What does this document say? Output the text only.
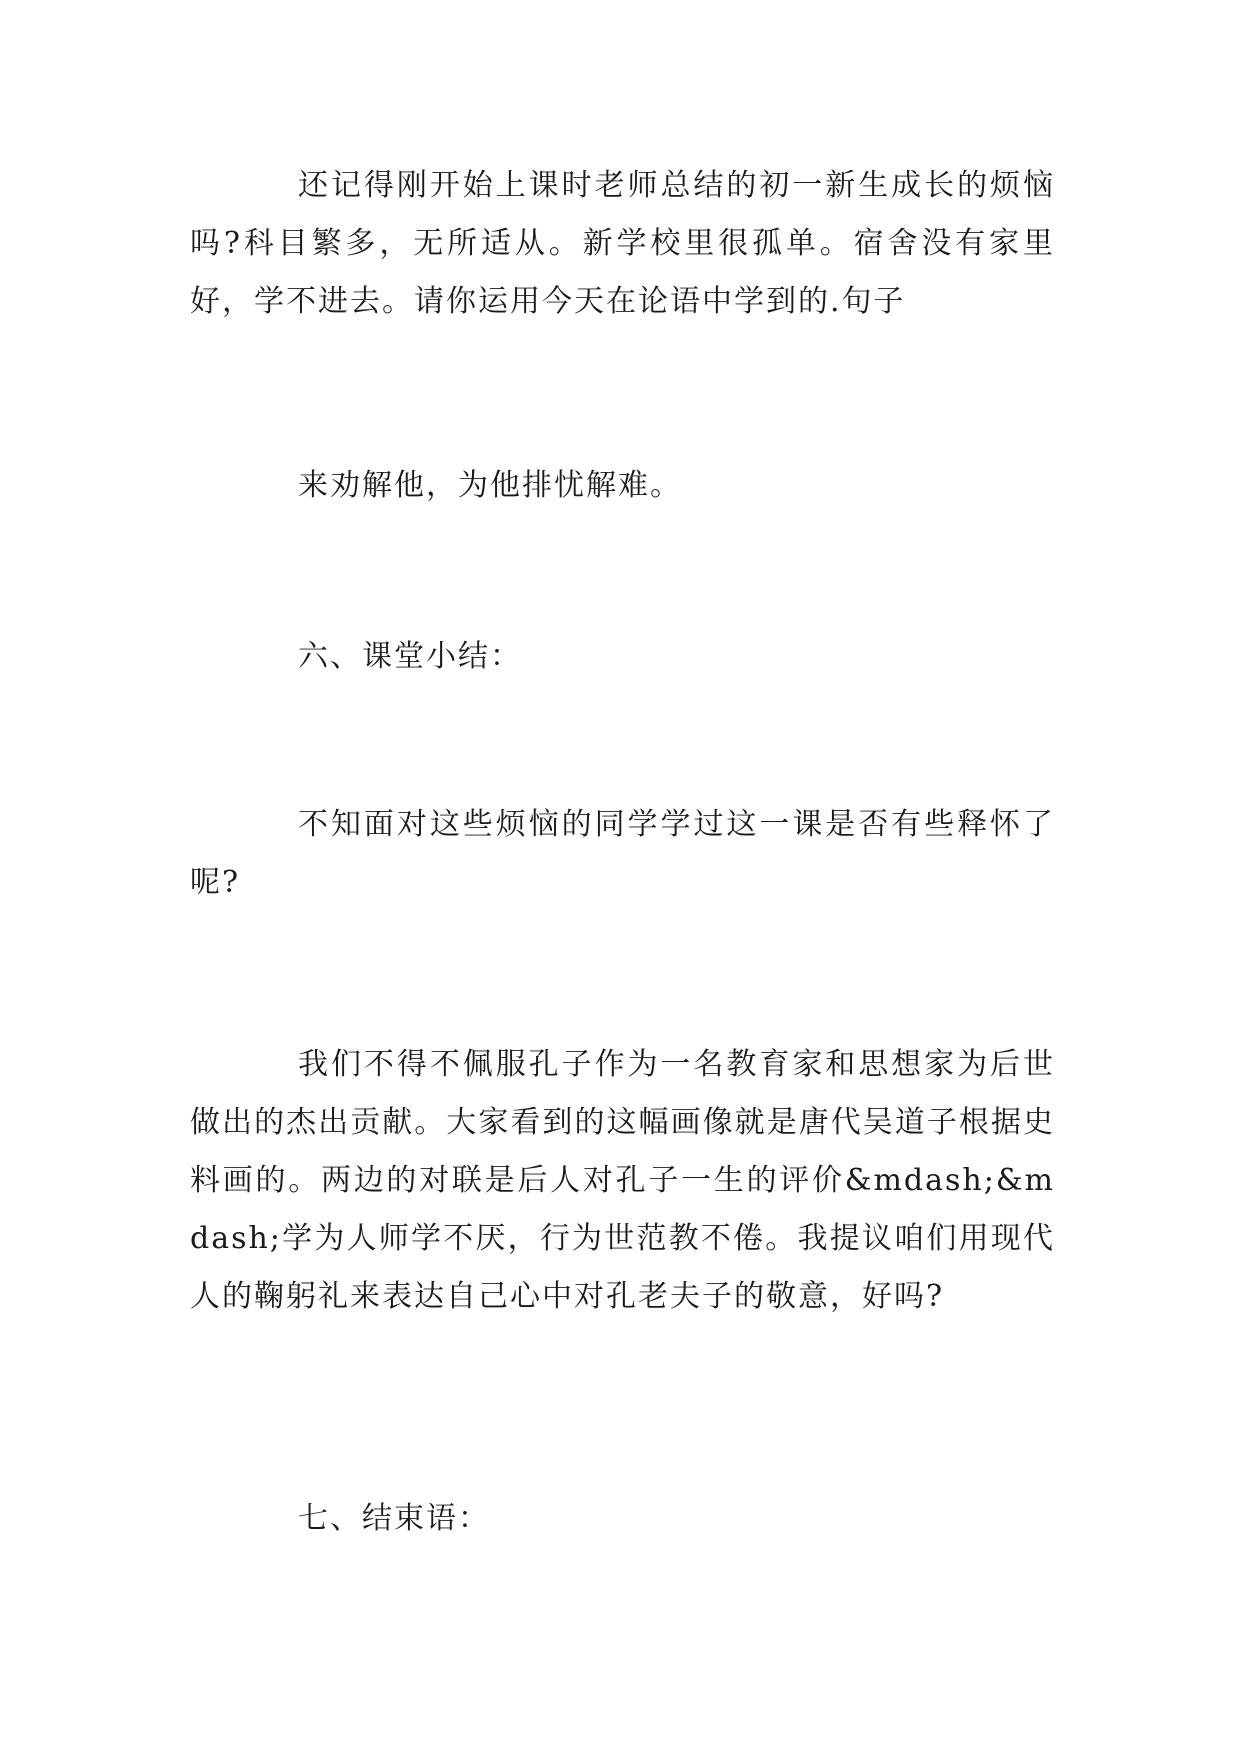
还记得刚开始上课时老师总结的初一新生成长的烦恼吗?科目繁多，无所适从。新学校里很孤单。宿舍没有家里好，学不进去。请你运用今天在论语中学到的.句子

来劝解他，为他排忧解难。

六、课堂小结：

不知面对这些烦恼的同学学过这一课是否有些释怀了呢?

我们不得不佩服孔子作为一名教育家和思想家为后世做出的杰出贡献。大家看到的这幅画像就是唐代吴道子根据史料画的。两边的对联是后人对孔子一生的评价&mdash;&mdash;学为人师学不厌，行为世范教不倦。我提议咱们用现代人的鞠躬礼来表达自己心中对孔老夫子的敬意，好吗?

七、结束语：
